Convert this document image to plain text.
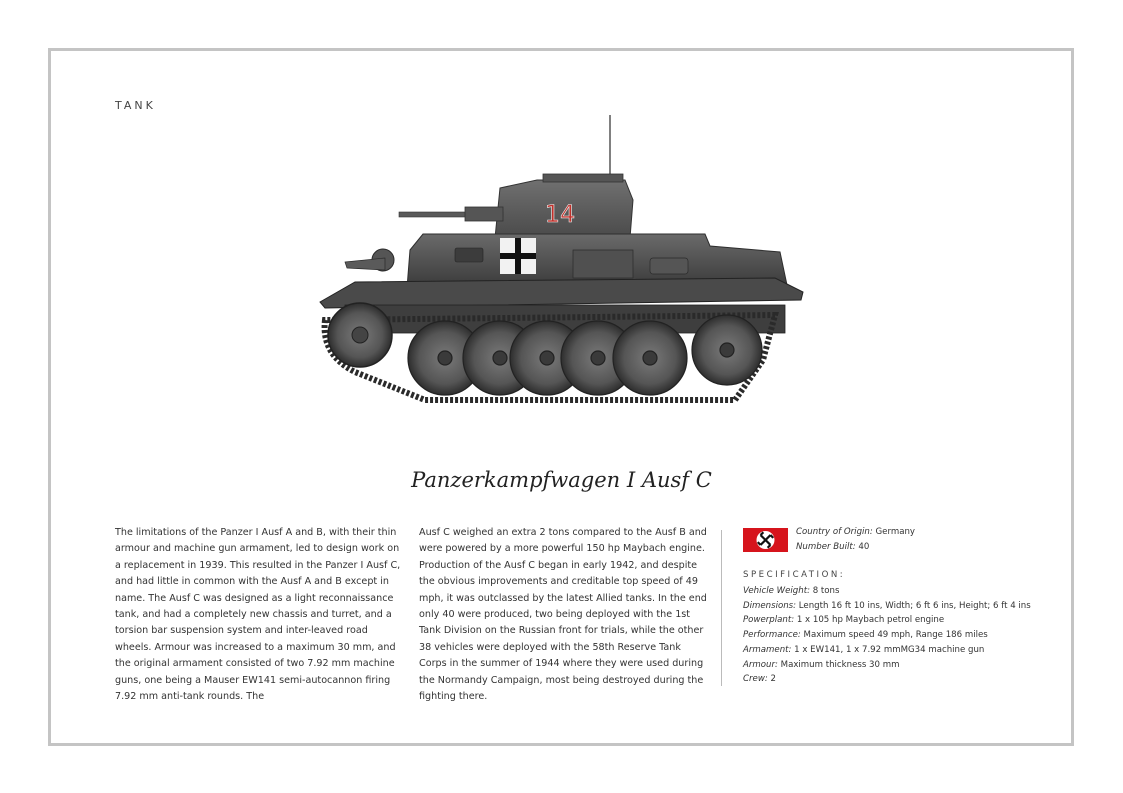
TANK
14
Panzerkampfwagen I Ausf C
The limitations of the Panzer I Ausf A and B, with their thin armour and machine gun armament, led to design work on a replacement in 1939. This resulted in the Panzer I Ausf C, and had little in common with the Ausf A and B except in name. The Ausf C was designed as a light reconnaissance tank, and had a completely new chassis and turret, and a torsion bar suspension system and inter-leaved road wheels. Armour was increased to a maximum 30 mm, and the original armament consisted of two 7.92 mm machine guns, one being a Mauser EW141 semi-autocannon firing 7.92 mm anti-tank rounds. The
Ausf C weighed an extra 2 tons compared to the Ausf B and were powered by a more powerful 150 hp Maybach engine. Production of the Ausf C began in early 1942, and despite the obvious improvements and creditable top speed of 49 mph, it was outclassed by the latest Allied tanks. In the end only 40 were produced, two being deployed with the 1st Tank Division on the Russian front for trials, while the other 38 vehicles were deployed with the 58th Reserve Tank Corps in the summer of 1944 where they were used during the Normandy Campaign, most being destroyed during the fighting there.
Country of Origin: Germany
Number Built: 40
SPECIFICATION:
Vehicle Weight: 8 tons
Dimensions: Length 16 ft 10 ins, Width; 6 ft 6 ins, Height; 6 ft 4 ins
Powerplant: 1 x 105 hp Maybach petrol engine
Performance: Maximum speed 49 mph, Range 186 miles
Armament: 1 x EW141, 1 x 7.92 mmMG34 machine gun
Armour: Maximum thickness 30 mm
Crew: 2
